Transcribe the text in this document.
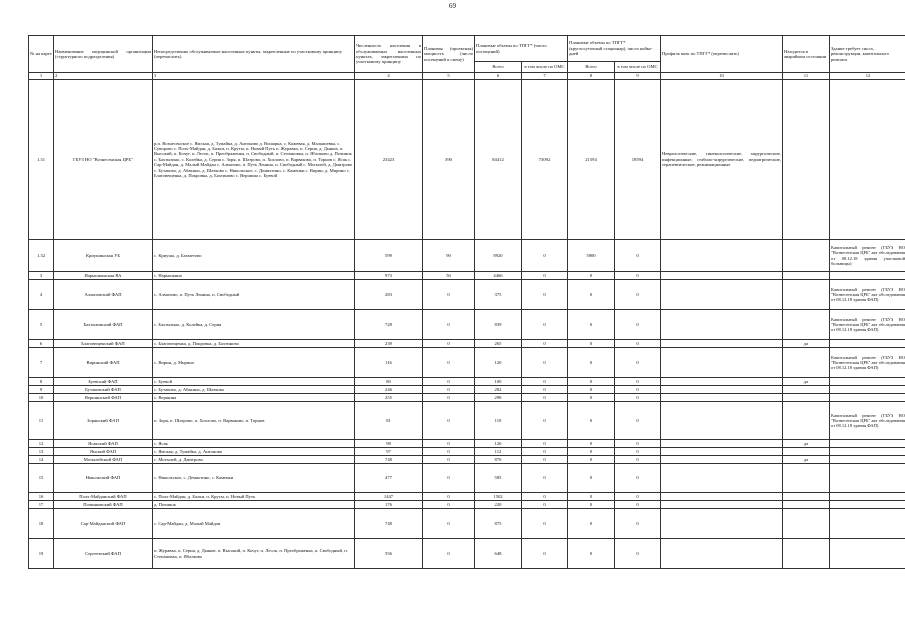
69
№ на карте	Наименование медицинской организации (структурного подразделения)	Непосредственно обслуживаемые населенные пункты, закрепленные по участковому принципу (перечислить)	Численность населения в обслуживаемых населенных пунктах, закрепленных по участковому принципу	Плановая (проектная) мощность (число посещений в смену)	Плановые объемы по ТПГГ* (число посещений)		Плановые объемы по ТПГГ* (круглосуточный стационар), число койко-дней		Профиль коек по ТПГГ* (перечислить)	Находится в аварийном состоянии	Здание требует сноса, реконструкции, капитального ремонта
					Всего	в том числе по ОМС	Всего	в том числе по ОМС			
1	2	3	4	5	6	7	8	9	10	11	12
1.31	ГБУЗ НО "Вознесенская ЦРБ"	р.п. Вознесенское с. Ямская, д. Тумайка, д. Антоново д. Вошарка, с. Кожевая, д. Малышевка, с. Суворово с. Полх-Майдан, д. Балки, п. Круты, п. Новый Путь п. Журавка, п. Серия, д. Дьяков, п. Высокий, п. Кочуг, п. Лесок, п. Преображенка, п. Свободный, п. Степановка, п. Ябалково д. Починок с. Бахтызино, с. Колейка, д. Серия с. Зоря, п. Шатрово, п. Хохлово, п. Варваково, п. Торнов с. Ясак с. Сар-Майдан, д. Малый Майдан с. Алмазово, п. Путь Ленина, п. Свободный с. Мотылей, д. Дмитрово с. Бутаково, д. Абакино, д. Шатково с. Никольское, с. Демяхтино, с. Каменки с. Вирин, д. Мирино с. Благовещенка, д. Покровка, д. Бахтиново с. Вершина с. Буевой	23423	390	84412	73092	21594	18594	Неврологические, гинекологические, хирургические, инфекционные, стабило-хирургические, педиатрические, терапевтические, реанимационные		
1.32	Криушинская УБ	с. Криуша, д. Бахметово	599	90	8920	0	3900	0			Капитальный ремонт (ГБУЗ НО "Вознесенская ЦРБ" акт обследования от 08.12.18 здания участковой больницы)
3	Нарышкинская ВА	с. Нарышкино	973	50	4466	0	0	0			
4	Алмазовский ФАП	с. Алмазово, п. Путь Ленина, п. Свободный	283	0	375	0	0	0			Капитальный ремонт (ГБУЗ НО "Вознесенская ЦРБ" акт обследования от 08.12.18 здания ФАП)
5	Бахтызинский ФАП	с. Бахтызино, д. Колейка, д. Серия	728	0	839	0	0	0			Капитальный ремонт (ГБУЗ НО "Вознесенская ЦРБ" акт обследования от 08.12.18 здания ФАП)
6	Благовещенский ФАП	с. Благовещенка, д. Покровка, д. Бахтиново	239	0	265	0	0	0		да	
7	Виринский ФАП	с. Вирин, д. Мирино	116	0	120	0	0	0			Капитальный ремонт (ГБУЗ НО "Вознесенская ЦРБ" акт обследования от 08.12.18 здания ФАП)
8	Буевский ФАП	с. Буевой	80	0	100	0	0	0		да	
9	Бутаковский ФАП	с. Бутаково, д. Абакино, д. Шатково	246	0	282	0	0	0			
10	Вершинский ФАП	с. Вершина	255	0	298	0	0	0			
11	Зорянский ФАП	п. Зоря, п. Шатрово, п. Хохлово, п. Варваково, п. Торнов	81	0	110	0	0	0			Капитальный ремонт (ГБУЗ НО "Вознесенская ЦРБ" акт обследования от 08.12.18 здания ФАП)
12	Ясакский ФАП	с. Ясак	98	0	126	0	0	0		да	
13	Ямский ФАП	с. Ямская, д. Тумайка, д. Антоново	97	0	112	0	0	0			
14	Мотылейский ФАП	с. Мотылей, д. Дмитрово	748	0	870	0	0	0		да	
15	Никольский ФАП	с. Никольское, с. Демяхтино, с. Каменки	477	0	585	0	0	0			
16	Полх-Майданский ФАП	с. Полх-Майдан, д. Балки, п. Круты, п. Новый Путь	1447	0	1502	0	0	0			
17	Починковский ФАП	д. Починок	176	0	220	0	0	0			
18	Сар-Майданский ФАП	с. Сар-Майдан, д. Малый Майдан	748	0	875	0	0	0			
19	Сергеевский ФАП	п. Журавка, п. Серия, д. Дьяков, п. Высокий, п. Кочуг, п. Лесок, п. Преображенка, п. Свободный, п. Степановка, п. Ябалково	556	0	648	0	0	0			
